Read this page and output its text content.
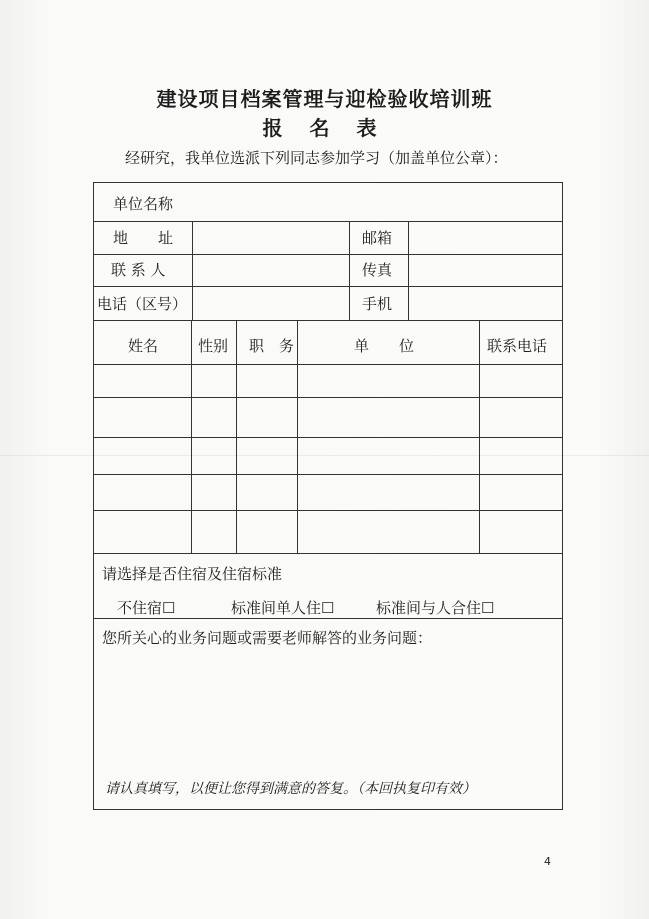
建设项目档案管理与迎检验收培训班
报 名 表
经研究，我单位选派下列同志参加学习（加盖单位公章）：
单位名称
地　　址	邮箱
联 系 人	传真
电话（区号）	手机
姓名	性别 职　务	单　　位	联系电话
请选择是否住宿及住宿标准
不住宿☐	标准间单人住☐	标准间与人合住☐
您所关心的业务问题或需要老师解答的业务问题：
请认真填写，以便让您得到满意的答复。（本回执复印有效）
4
